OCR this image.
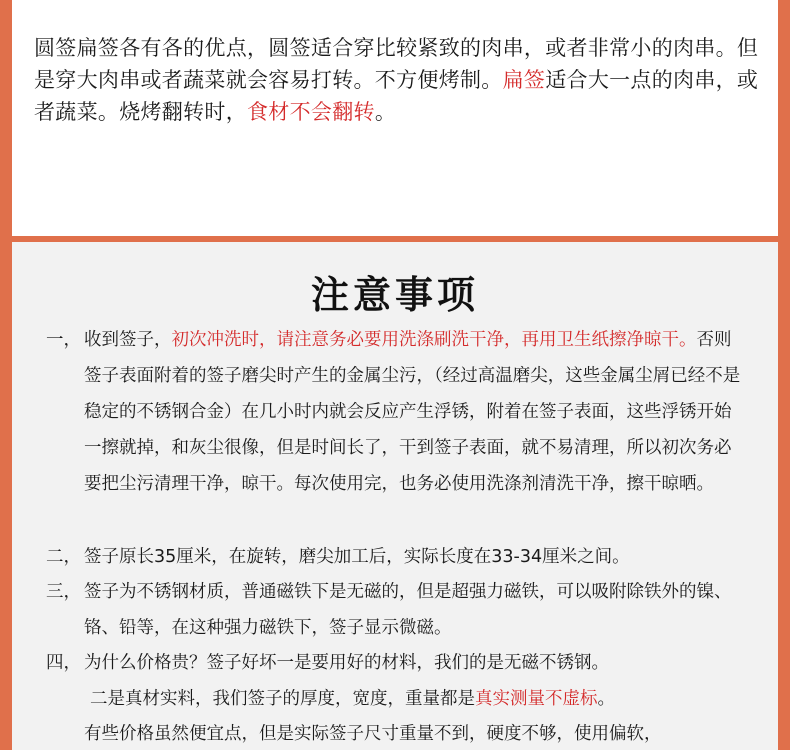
圆签扁签各有各的优点，圆签适合穿比较紧致的肉串，或者非常小的肉串。但是穿大肉串或者蔬菜就会容易打转。不方便烤制。扁签适合大一点的肉串，或者蔬菜。烧烤翻转时，食材不会翻转。

注意事项
一， 收到签子，初次冲洗时，请注意务必要用洗涤刷洗干净，再用卫生纸擦净晾干。否则签子表面附着的签子磨尖时产生的金属尘污，（经过高温磨尖，这些金属尘屑已经不是稳定的不锈钢合金）在几小时内就会反应产生浮锈，附着在签子表面，这些浮锈开始一擦就掉，和灰尘很像，但是时间长了，干到签子表面，就不易清理，所以初次务必要把尘污清理干净，晾干。每次使用完，也务必使用洗涤剂清洗干净，擦干晾晒。
二， 签子原长35厘米，在旋转，磨尖加工后，实际长度在33-34厘米之间。
三， 签子为不锈钢材质，普通磁铁下是无磁的，但是超强力磁铁，可以吸附除铁外的镍、铬、铅等，在这种强力磁铁下，签子显示微磁。
四， 为什么价格贵？签子好坏一是要用好的材料，我们的是无磁不锈钢。

二是真材实料，我们签子的厚度，宽度，重量都是真实测量不虚标。

有些价格虽然便宜点，但是实际签子尺寸重量不到，硬度不够，使用偏软，
